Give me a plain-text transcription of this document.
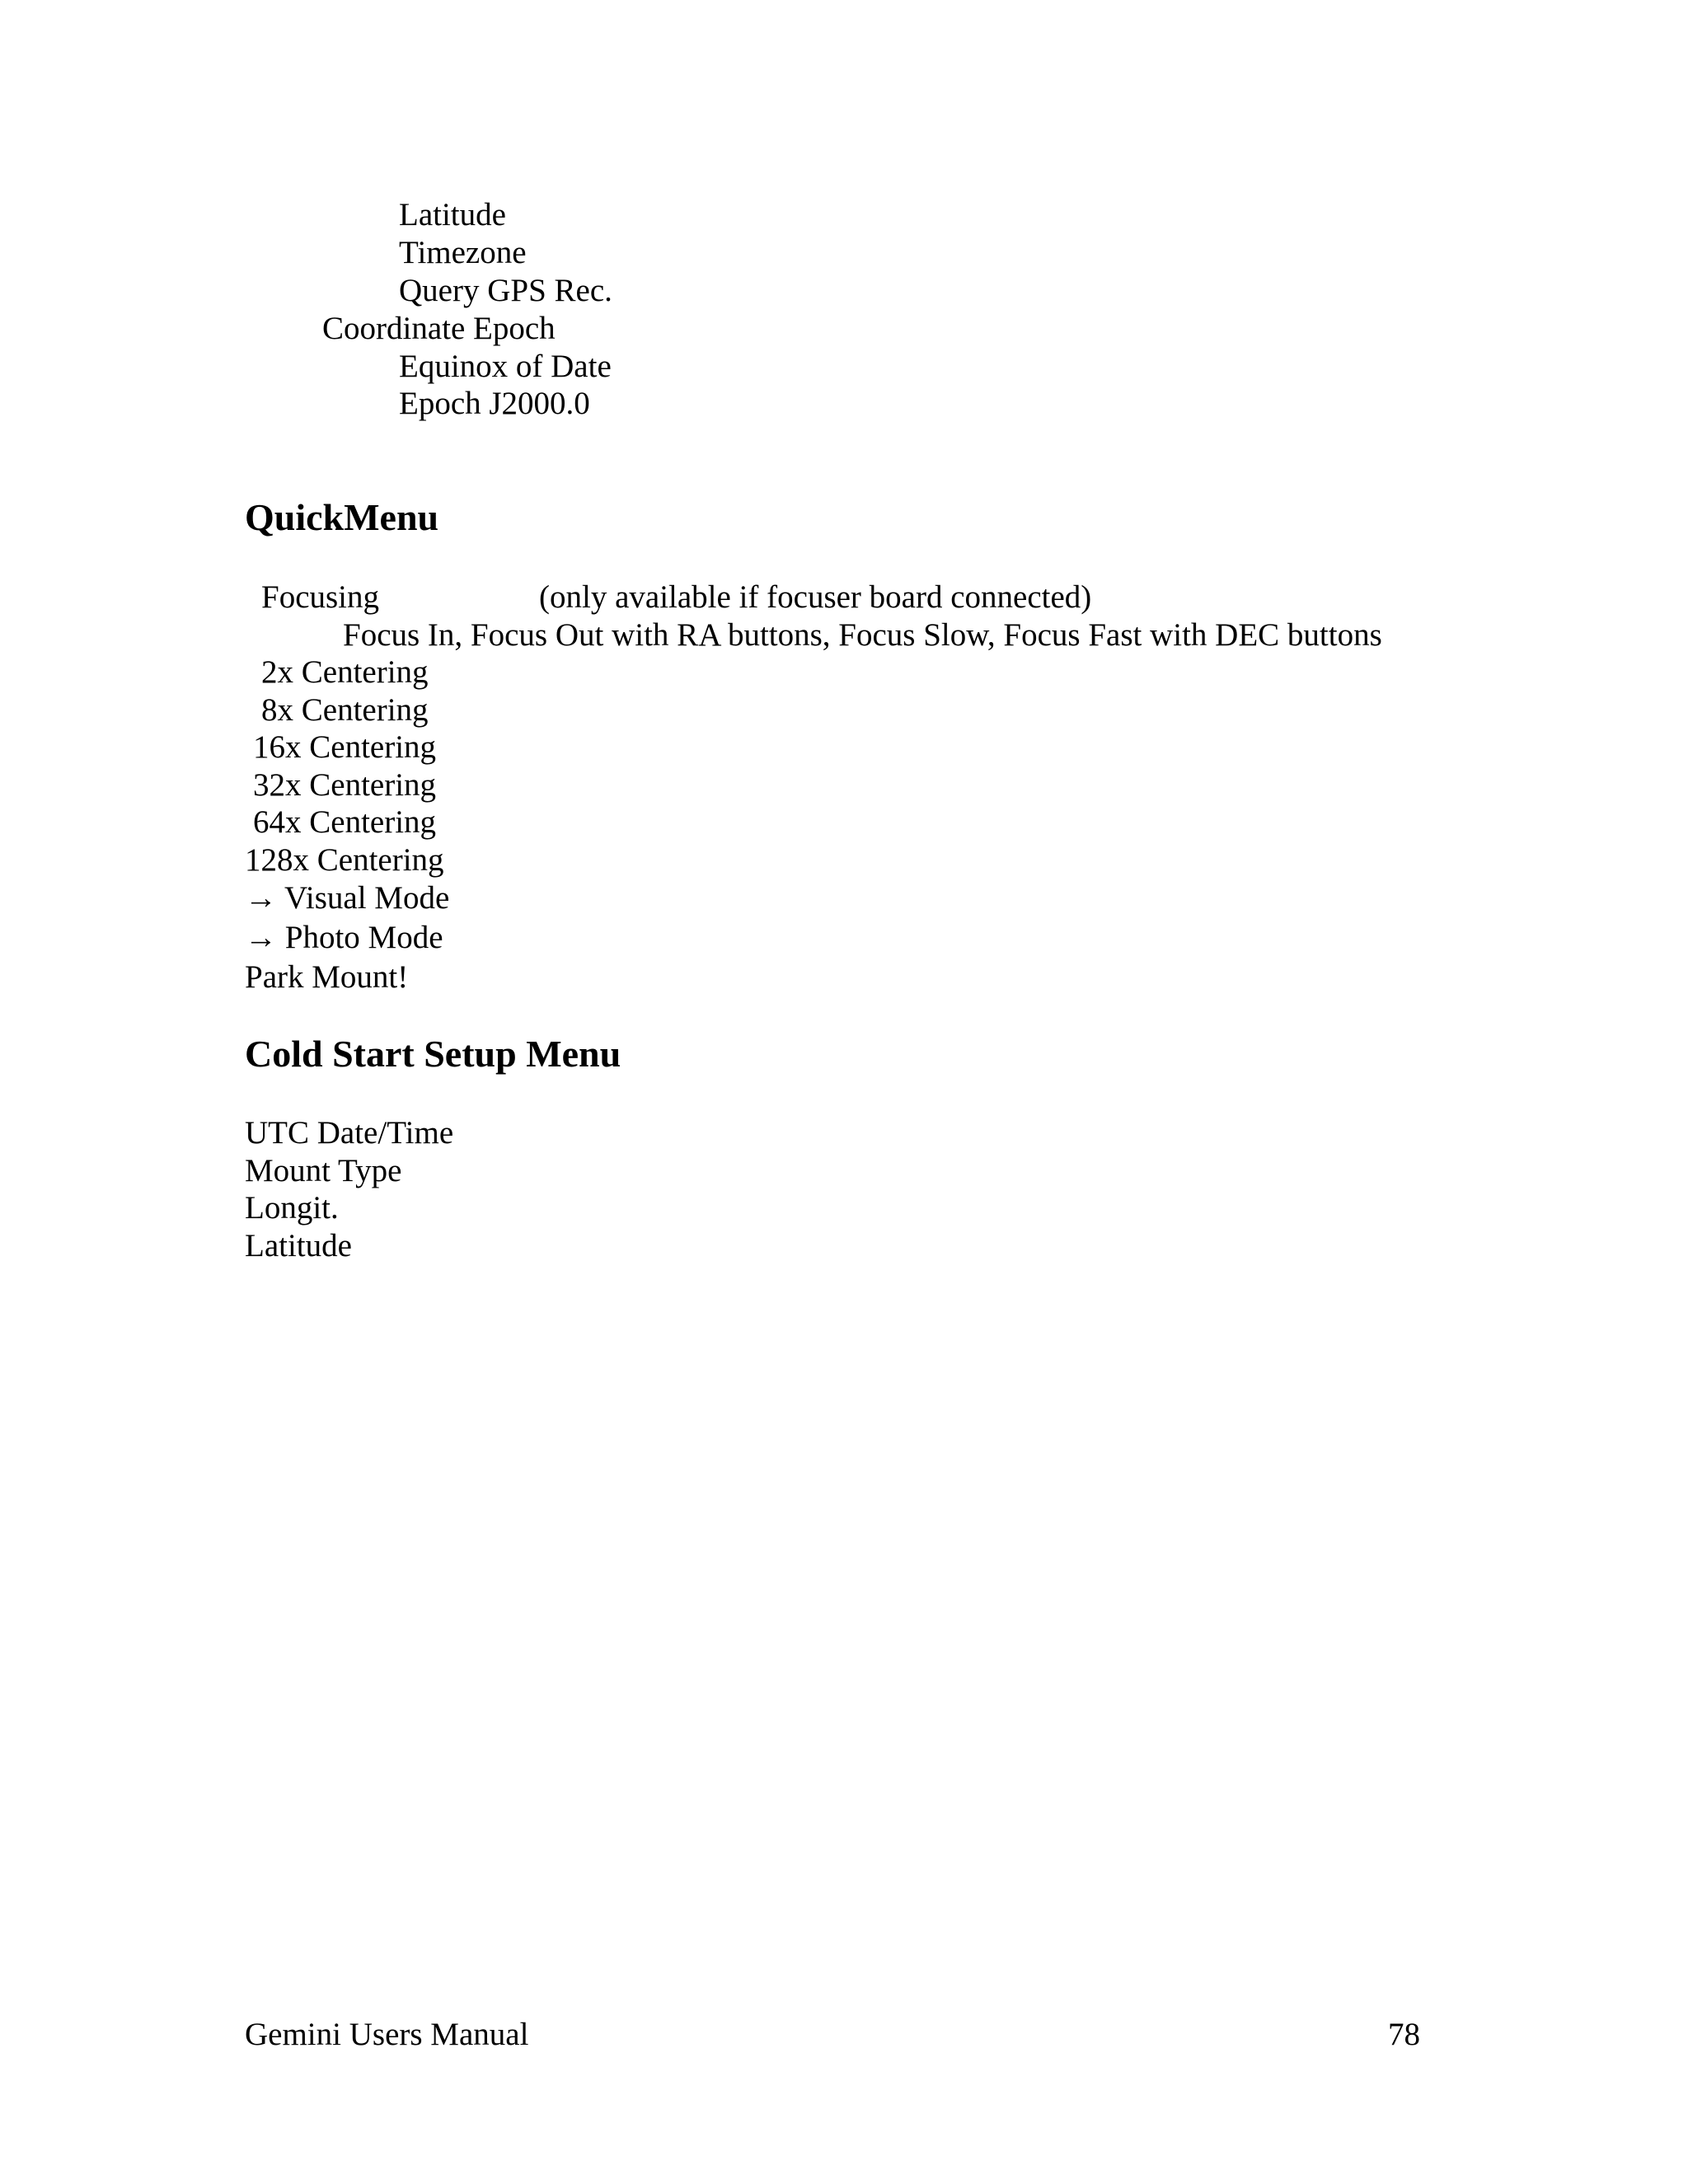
Latitude
Timezone
Query GPS Rec.
Coordinate Epoch
Equinox of Date
Epoch J2000.0
QuickMenu
Focusing	(only available if focuser board connected)
Focus In, Focus Out with RA buttons, Focus Slow, Focus Fast with DEC buttons
2x Centering
8x Centering
16x Centering
32x Centering
64x Centering
128x Centering
→ Visual Mode
→ Photo Mode
Park Mount!
Cold Start Setup Menu
UTC Date/Time
Mount Type
Longit.
Latitude
Gemini Users Manual	78
